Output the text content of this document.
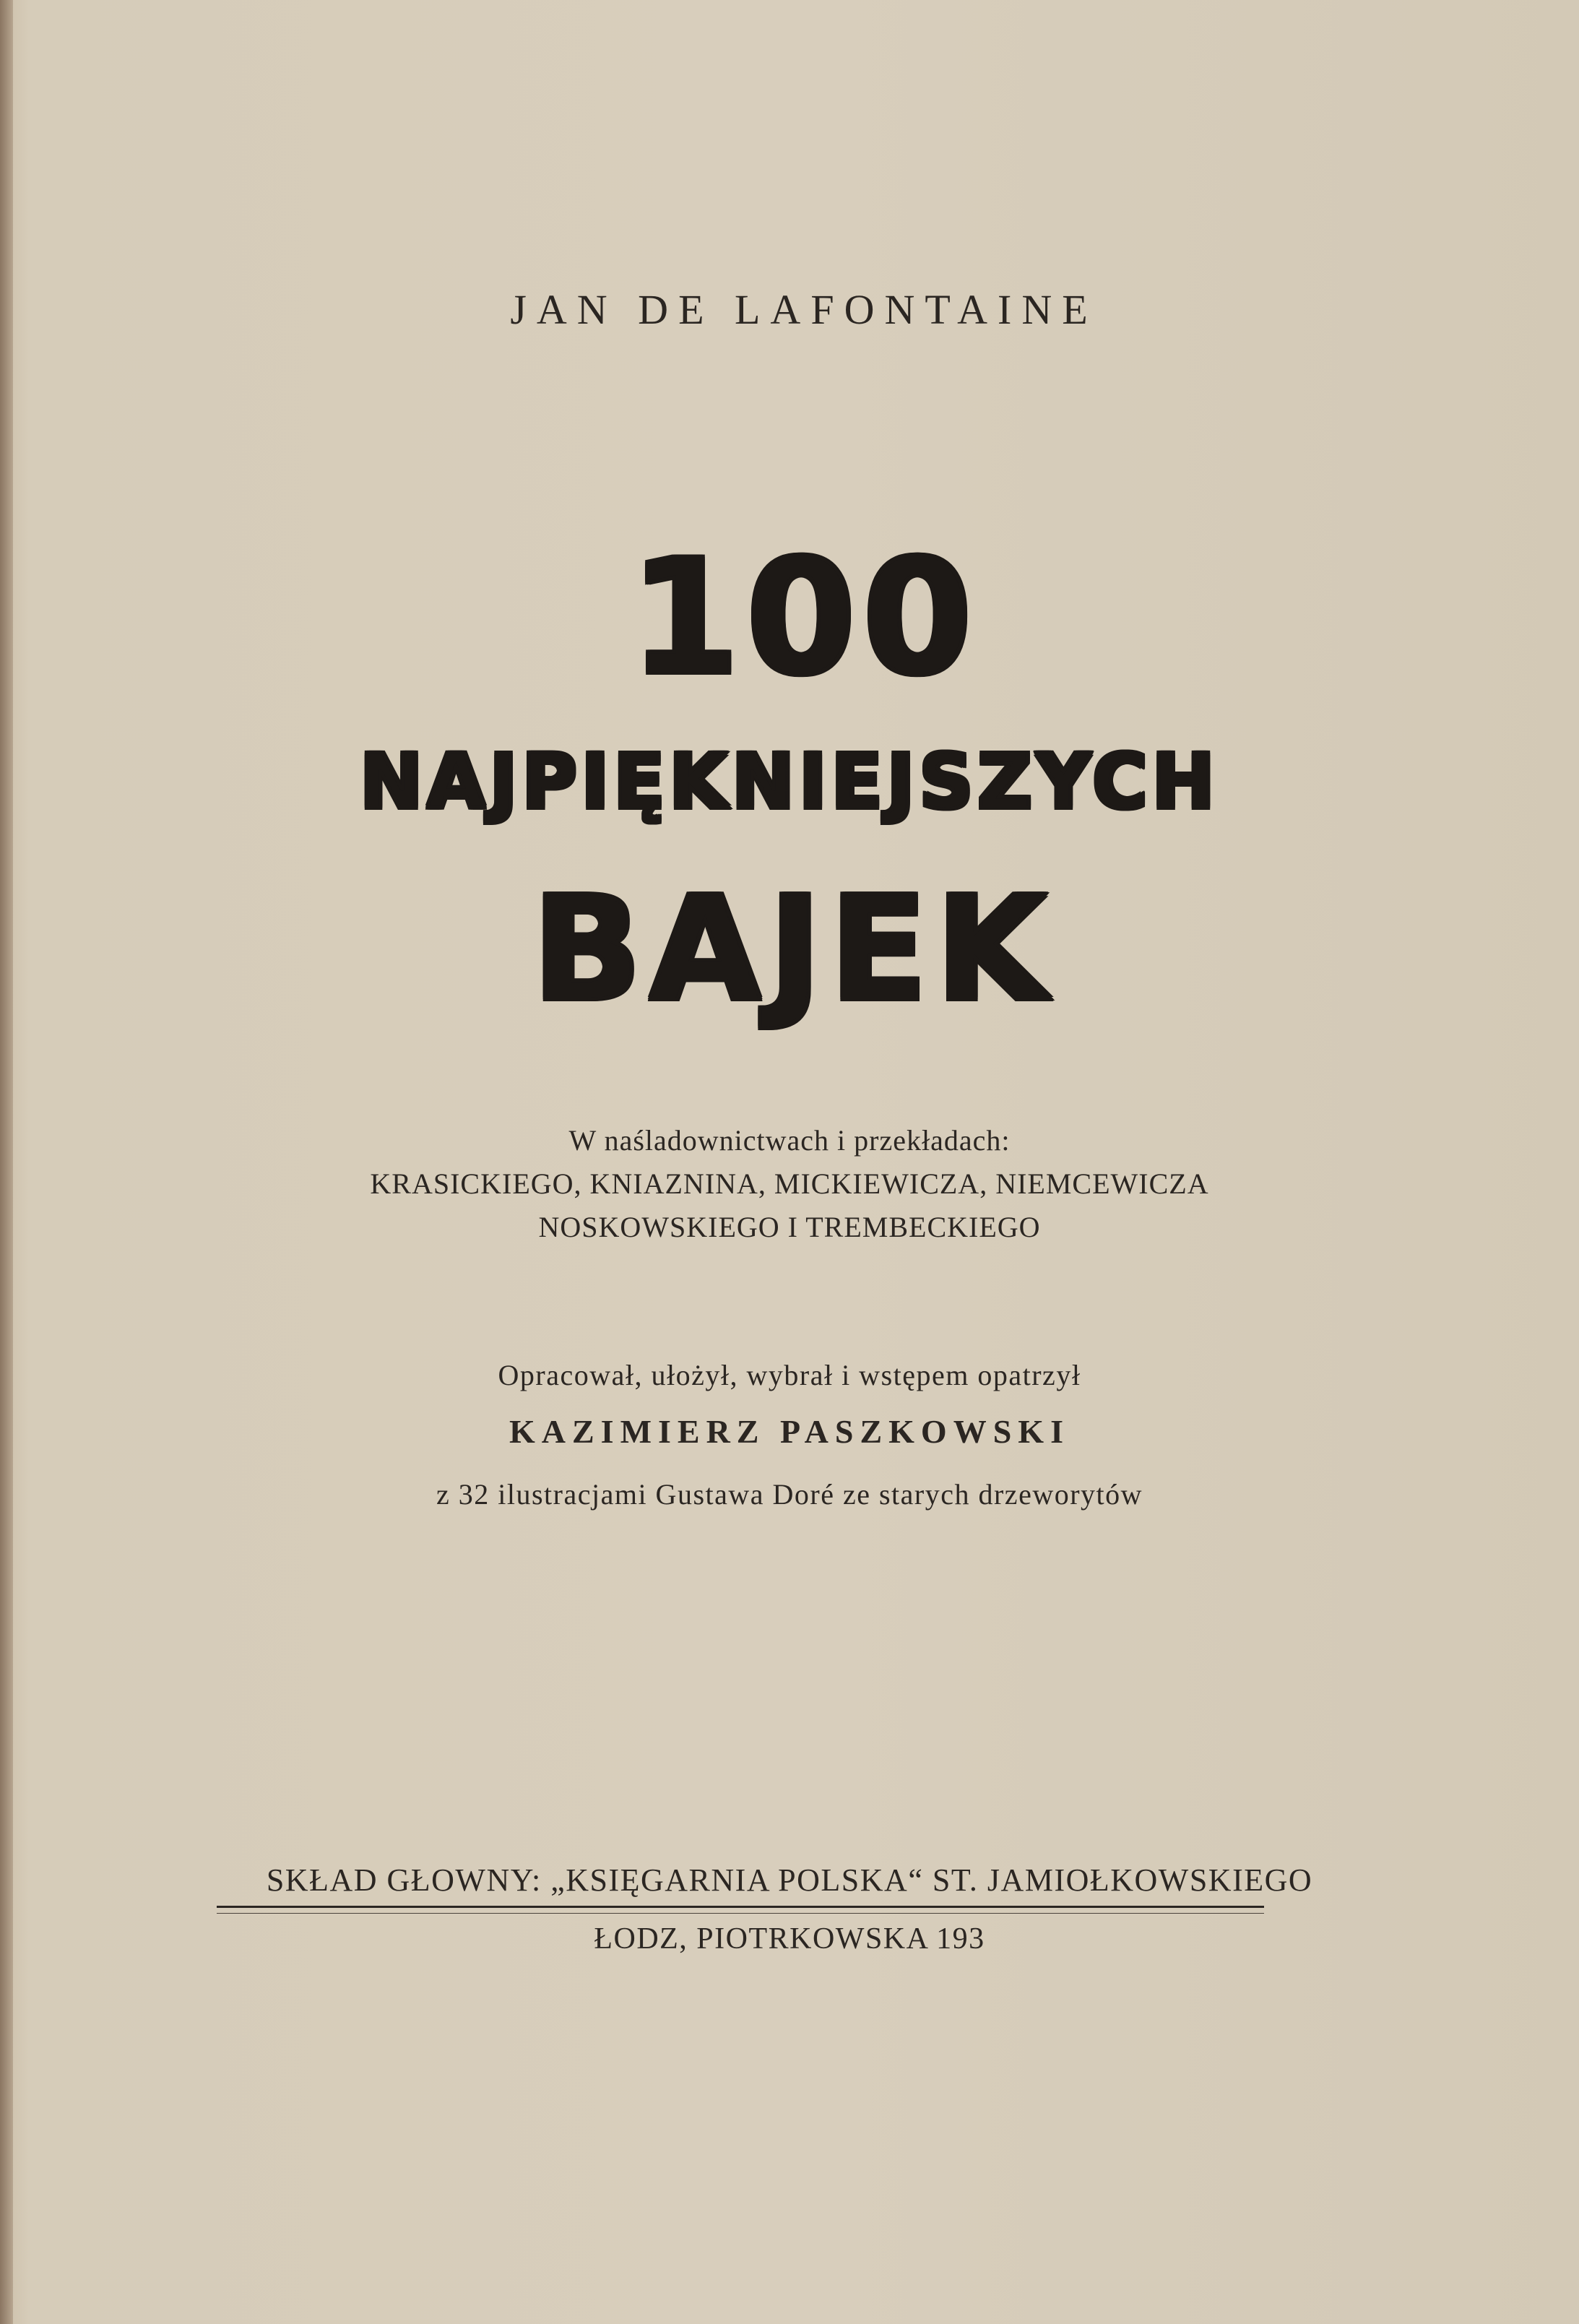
JAN DE LAFONTAINE
100
NAJPIĘKNIEJSZYCH
BAJEK
W naśladownictwach i przekładach:
KRASICKIEGO, KNIAZNINA, MICKIEWICZA, NIEMCEWICZA
NOSKOWSKIEGO I TREMBECKIEGO
Opracował, ułożył, wybrał i wstępem opatrzył
KAZIMIERZ PASZKOWSKI
z 32 ilustracjami Gustawa Doré ze starych drzeworytów
SKŁAD GŁOWNY: „KSIĘGARNIA POLSKA“ ST. JAMIOŁKOWSKIEGO
ŁODZ, PIOTRKOWSKA 193
